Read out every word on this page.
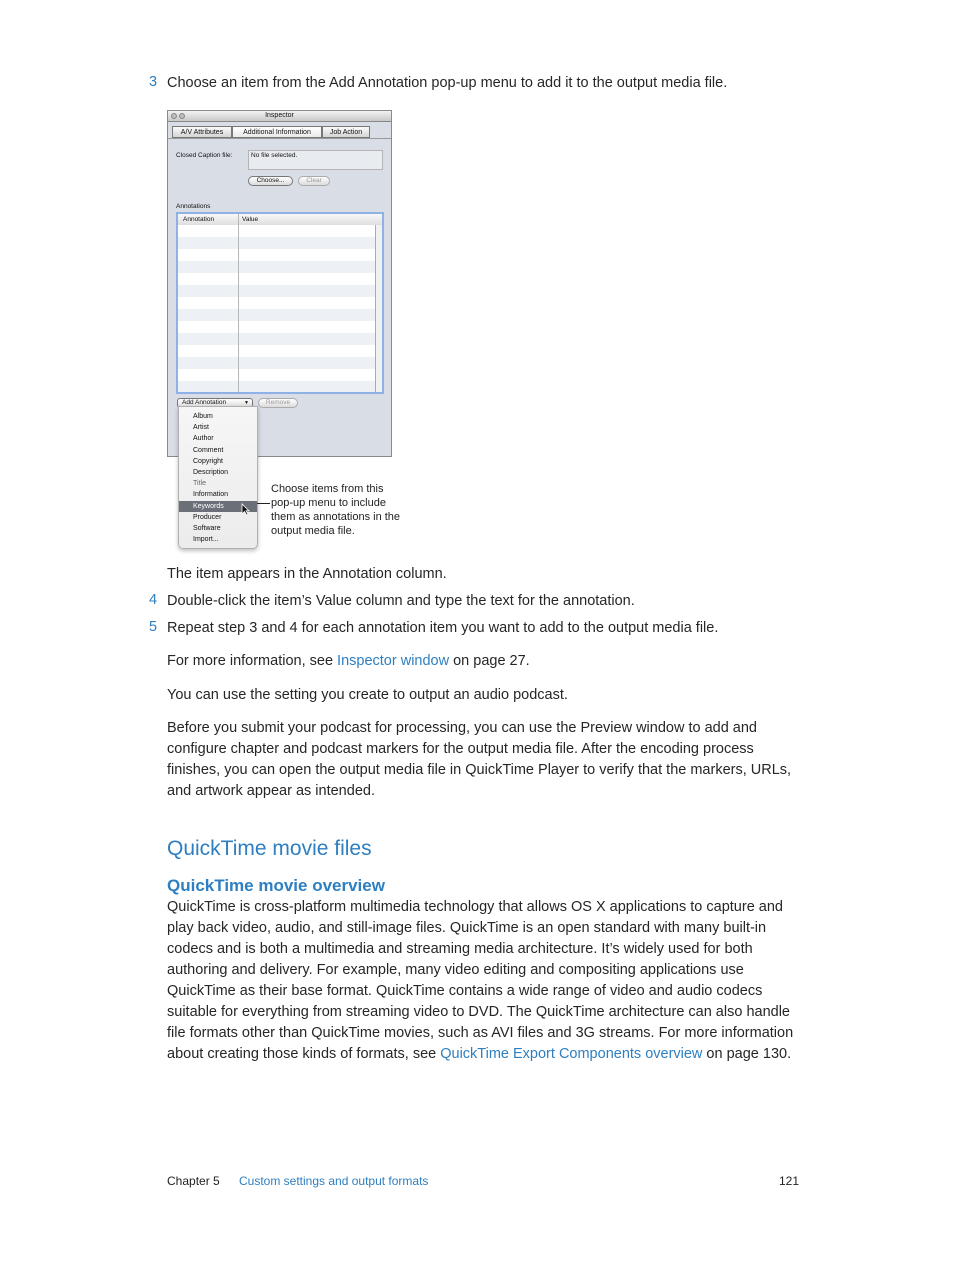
3 Choose an item from the Add Annotation pop-up menu to add it to the output media file.
Inspector
A/V Attributes	Additional Information	Job Action
Closed Caption file:	No file selected.
Choose...	Clear
Annotations
Annotation	Value
Add Annotation	▼	Remove
Album
Artist
Author
Comment
Copyright
Description
Title
Information
Keywords
Producer
Software
Import...
Choose items from this pop-up menu to include them as annotations in the output media file.
The item appears in the Annotation column.
4 Double-click the item’s Value column and type the text for the annotation.
5 Repeat step 3 and 4 for each annotation item you want to add to the output media file.
For more information, see Inspector window on page 27.
You can use the setting you create to output an audio podcast.
Before you submit your podcast for processing, you can use the Preview window to add and configure chapter and podcast markers for the output media file. After the encoding process finishes, you can open the output media file in QuickTime Player to verify that the markers, URLs, and artwork appear as intended.
QuickTime movie files
QuickTime movie overview
QuickTime is cross-platform multimedia technology that allows OS X applications to capture and play back video, audio, and still-image files. QuickTime is an open standard with many built-in codecs and is both a multimedia and streaming media architecture. It’s widely used for both authoring and delivery. For example, many video editing and compositing applications use QuickTime as their base format. QuickTime contains a wide range of video and audio codecs suitable for everything from streaming video to DVD. The QuickTime architecture can also handle file formats other than QuickTime movies, such as AVI files and 3G streams. For more information about creating those kinds of formats, see QuickTime Export Components overview on page 130.
Chapter 5 Custom settings and output formats	121
